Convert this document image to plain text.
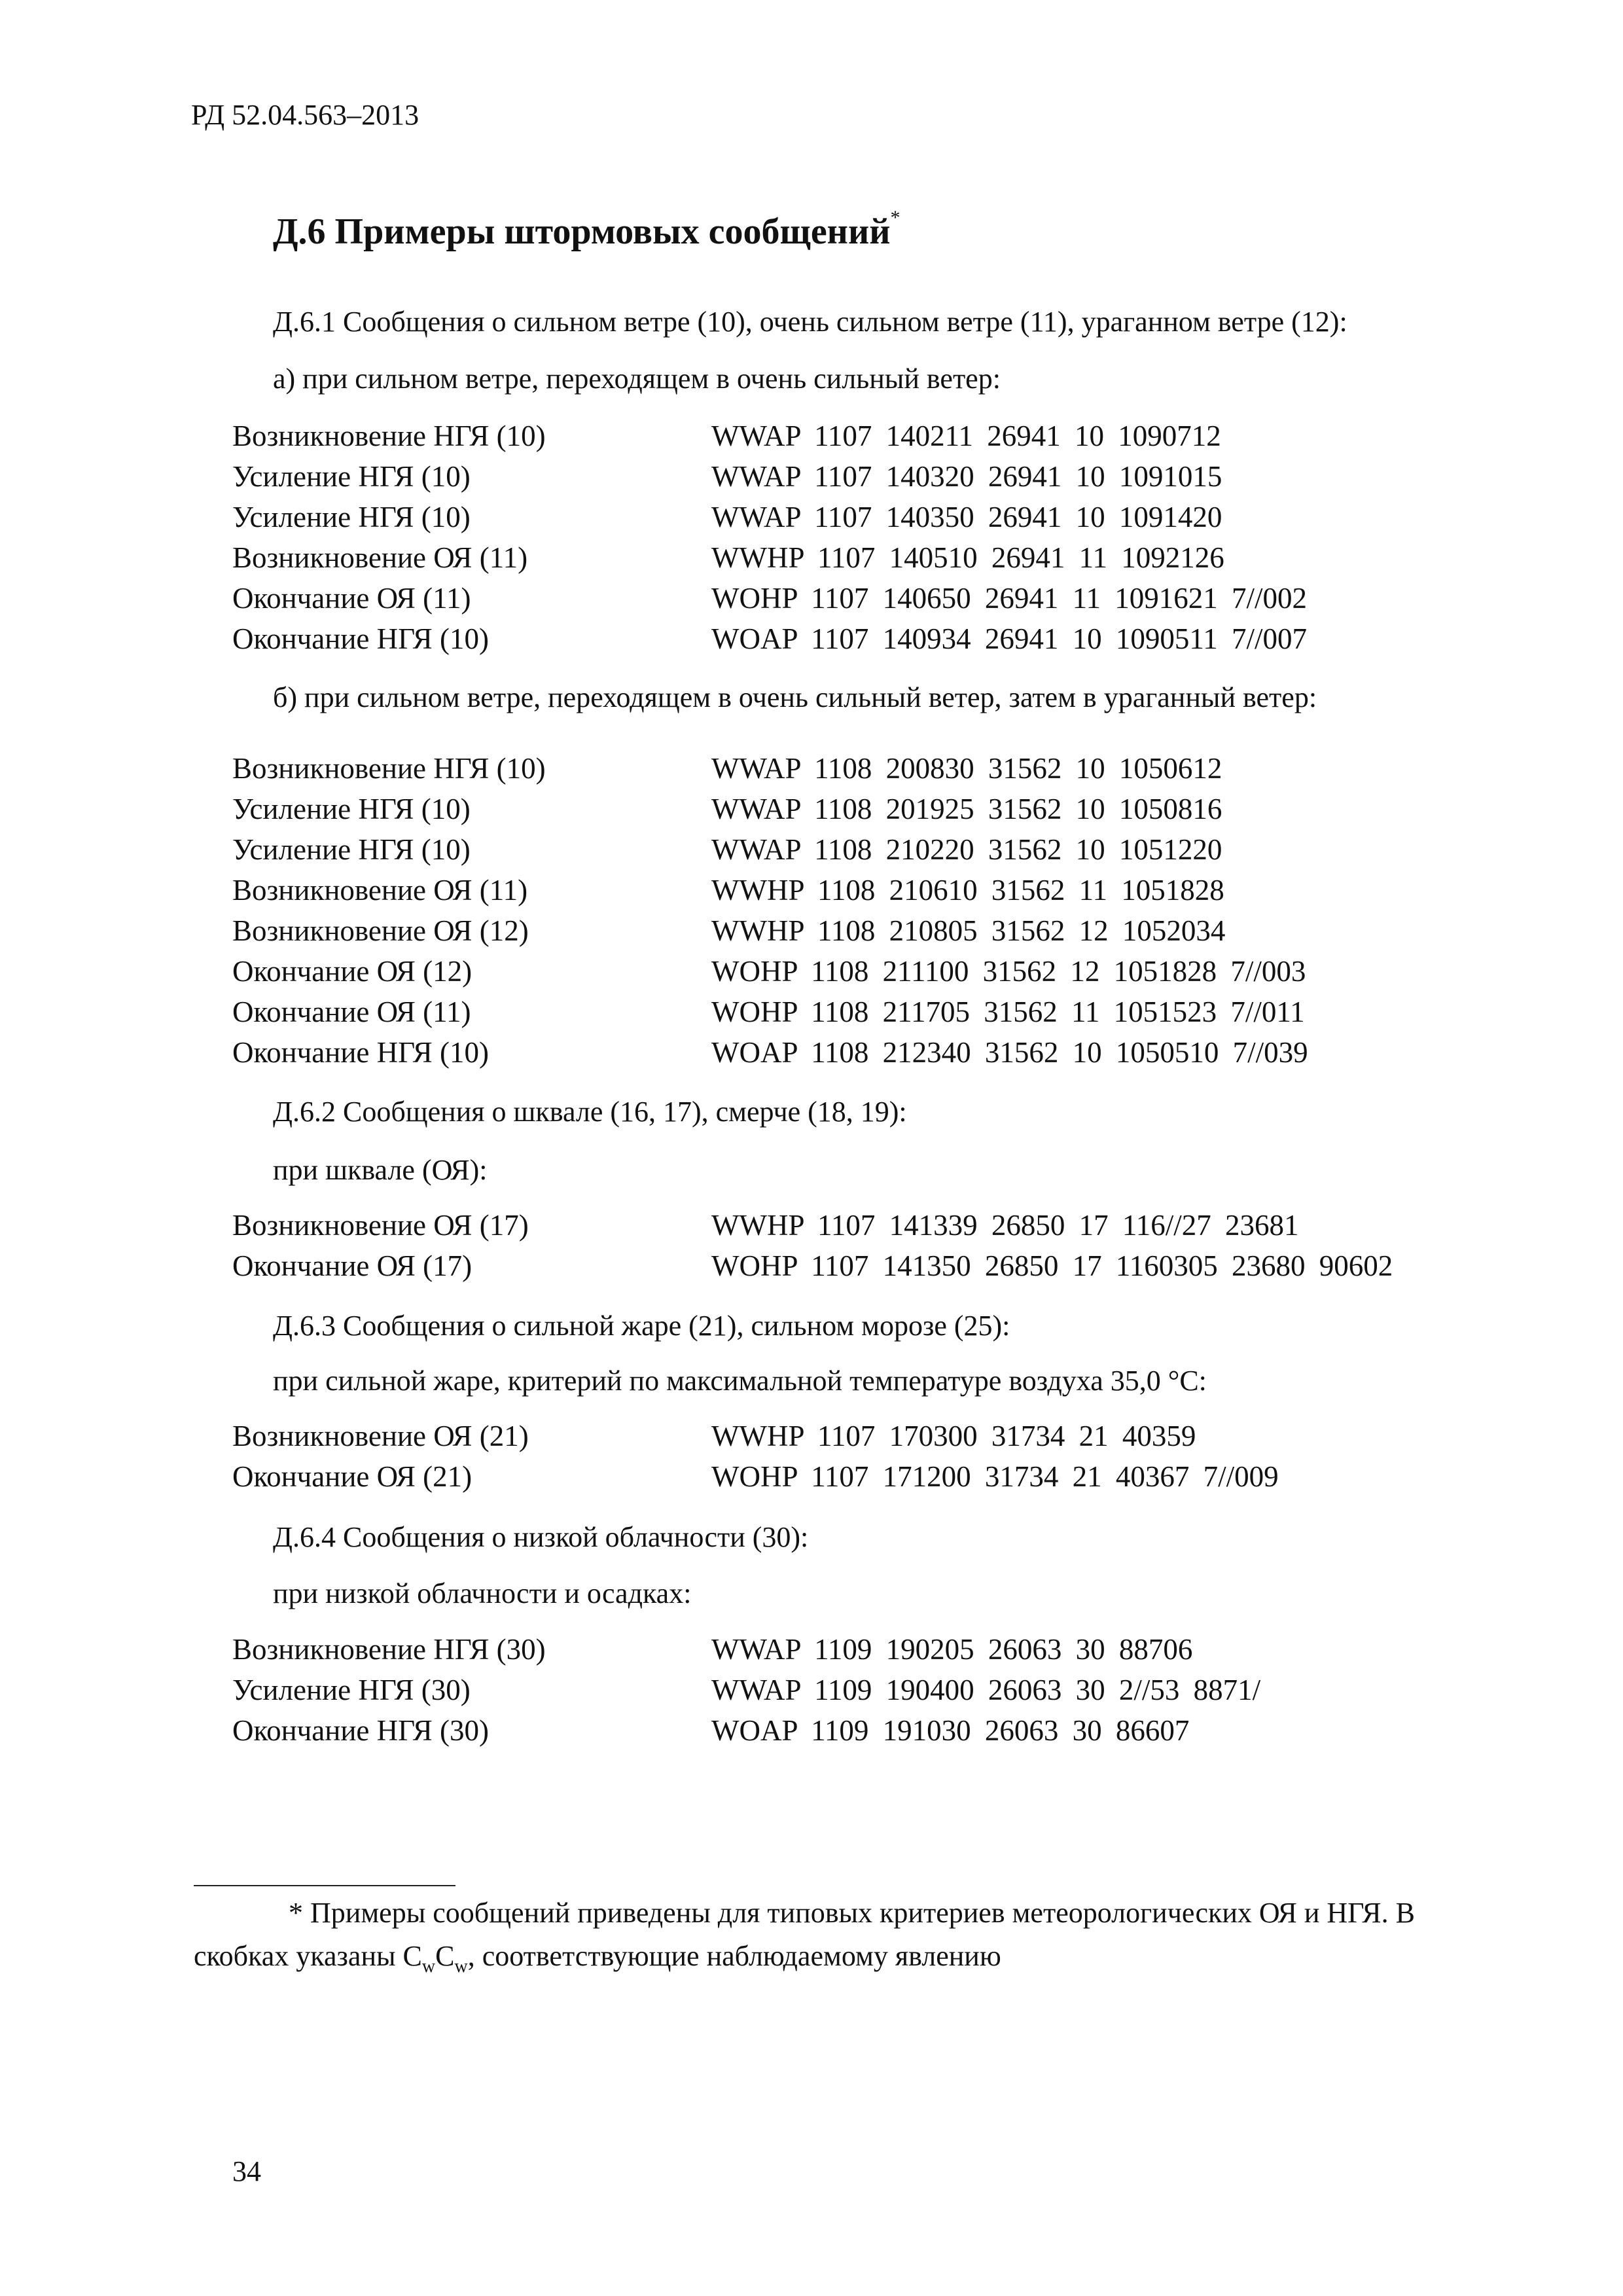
РД 52.04.563–2013
Д.6 Примеры штормовых сообщений*
Д.6.1 Сообщения о сильном ветре (10), очень сильном ветре (11), ураганном ветре (12):
а) при сильном ветре, переходящем в очень сильный ветер:
Возникновение НГЯ (10)	WWAP 1107 140211 26941 10 1090712
Усиление НГЯ (10)	WWAP 1107 140320 26941 10 1091015
Усиление НГЯ (10)	WWAP 1107 140350 26941 10 1091420
Возникновение ОЯ (11)	WWHP 1107 140510 26941 11 1092126
Окончание ОЯ (11)	WOHP 1107 140650 26941 11 1091621 7//002
Окончание НГЯ (10)	WOAP 1107 140934 26941 10 1090511 7//007
б) при сильном ветре, переходящем в очень сильный ветер, затем в ураганный ветер:
Возникновение НГЯ (10)	WWAP 1108 200830 31562 10 1050612
Усиление НГЯ (10)	WWAP 1108 201925 31562 10 1050816
Усиление НГЯ (10)	WWAP 1108 210220 31562 10 1051220
Возникновение ОЯ (11)	WWHP 1108 210610 31562 11 1051828
Возникновение ОЯ (12)	WWHP 1108 210805 31562 12 1052034
Окончание ОЯ (12)	WOHP 1108 211100 31562 12 1051828 7//003
Окончание ОЯ (11)	WOHP 1108 211705 31562 11 1051523 7//011
Окончание НГЯ (10)	WOAP 1108 212340 31562 10 1050510 7//039
Д.6.2 Сообщения о шквале (16, 17), смерче (18, 19):
при шквале (ОЯ):
Возникновение ОЯ (17)	WWHP 1107 141339 26850 17 116//27 23681
Окончание ОЯ (17)	WOHP 1107 141350 26850 17 1160305 23680 90602
Д.6.3 Сообщения о сильной жаре (21), сильном морозе (25):
при сильной жаре, критерий по максимальной температуре воздуха 35,0 °С:
Возникновение ОЯ (21)	WWHP 1107 170300 31734 21 40359
Окончание ОЯ (21)	WOHP 1107 171200 31734 21 40367 7//009
Д.6.4 Сообщения о низкой облачности (30):
при низкой облачности и осадках:
Возникновение НГЯ (30)	WWAP 1109 190205 26063 30 88706
Усиление НГЯ (30)	WWAP 1109 190400 26063 30 2//53 8871/
Окончание НГЯ (30)	WOAP 1109 191030 26063 30 86607
* Примеры сообщений приведены для типовых критериев метеорологических ОЯ и НГЯ. В скобках указаны $C_wC_w$, соответствующие наблюдаемому явлению
34
